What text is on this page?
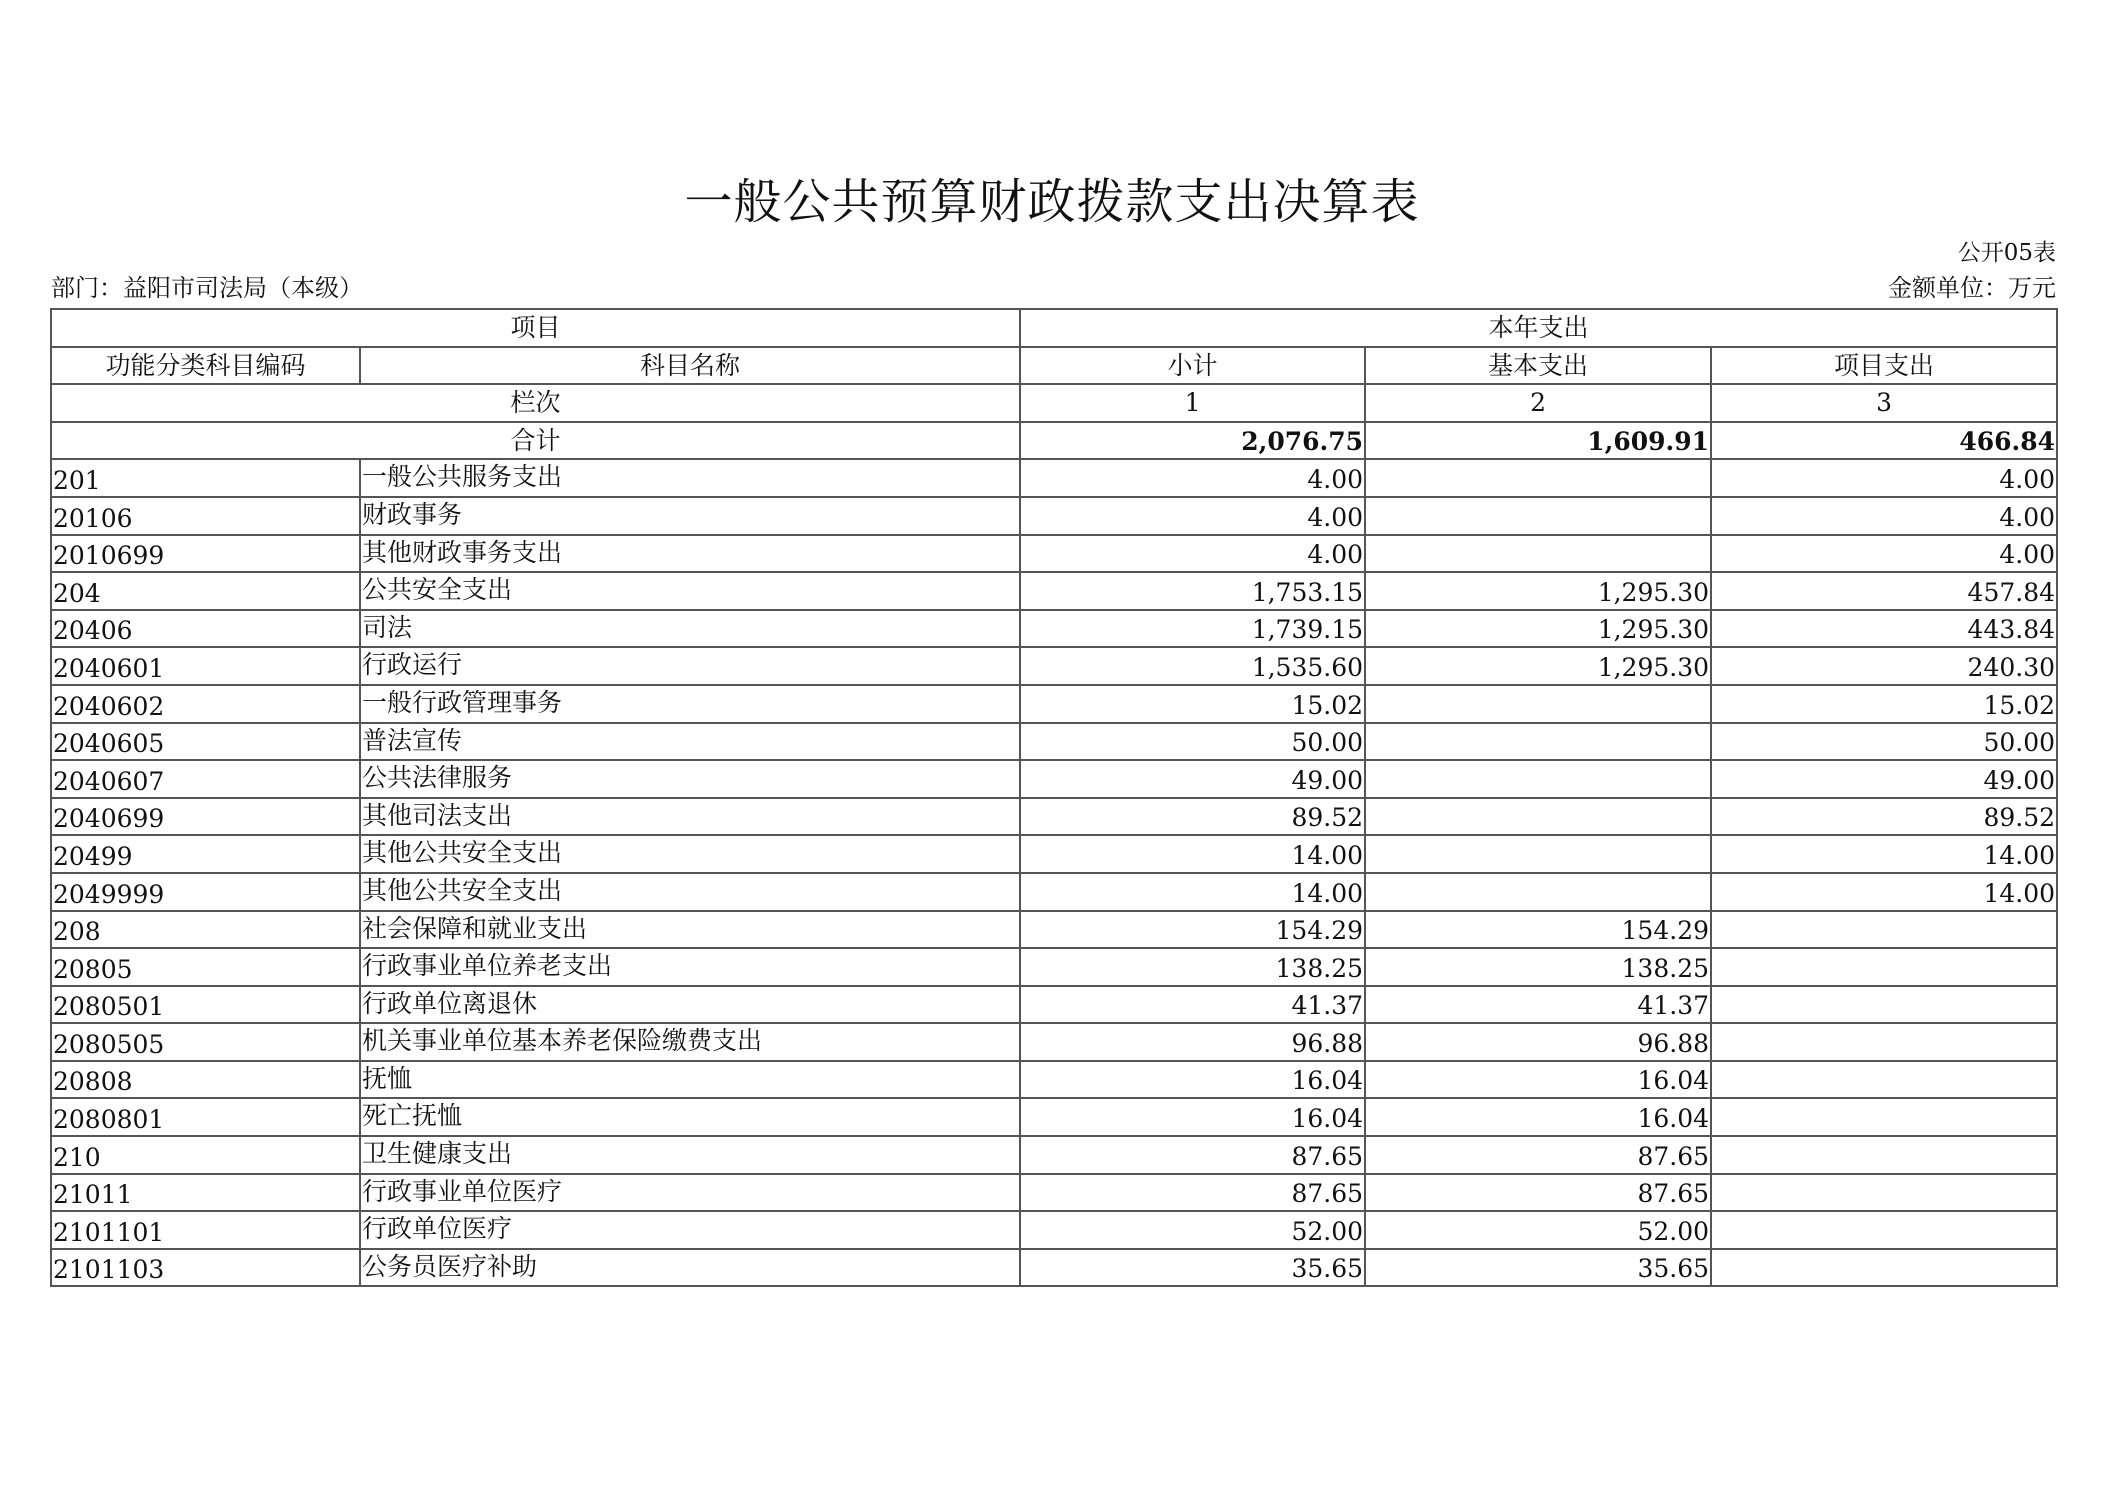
一般公共预算财政拨款支出决算表
公开05表
部门：益阳市司法局（本级）	金额单位：万元
项目		本年支出		
功能分类科目编码	科目名称	小计	基本支出	项目支出
栏次		1	2	3
合计		2,076.75	1,609.91	466.84
201	一般公共服务支出	4.00		4.00
20106	财政事务	4.00		4.00
2010699	其他财政事务支出	4.00		4.00
204	公共安全支出	1,753.15	1,295.30	457.84
20406	司法	1,739.15	1,295.30	443.84
2040601	行政运行	1,535.60	1,295.30	240.30
2040602	一般行政管理事务	15.02		15.02
2040605	普法宣传	50.00		50.00
2040607	公共法律服务	49.00		49.00
2040699	其他司法支出	89.52		89.52
20499	其他公共安全支出	14.00		14.00
2049999	其他公共安全支出	14.00		14.00
208	社会保障和就业支出	154.29	154.29	
20805	行政事业单位养老支出	138.25	138.25	
2080501	行政单位离退休	41.37	41.37	
2080505	机关事业单位基本养老保险缴费支出	96.88	96.88	
20808	抚恤	16.04	16.04	
2080801	死亡抚恤	16.04	16.04	
210	卫生健康支出	87.65	87.65	
21011	行政事业单位医疗	87.65	87.65	
2101101	行政单位医疗	52.00	52.00	
2101103	公务员医疗补助	35.65	35.65	
